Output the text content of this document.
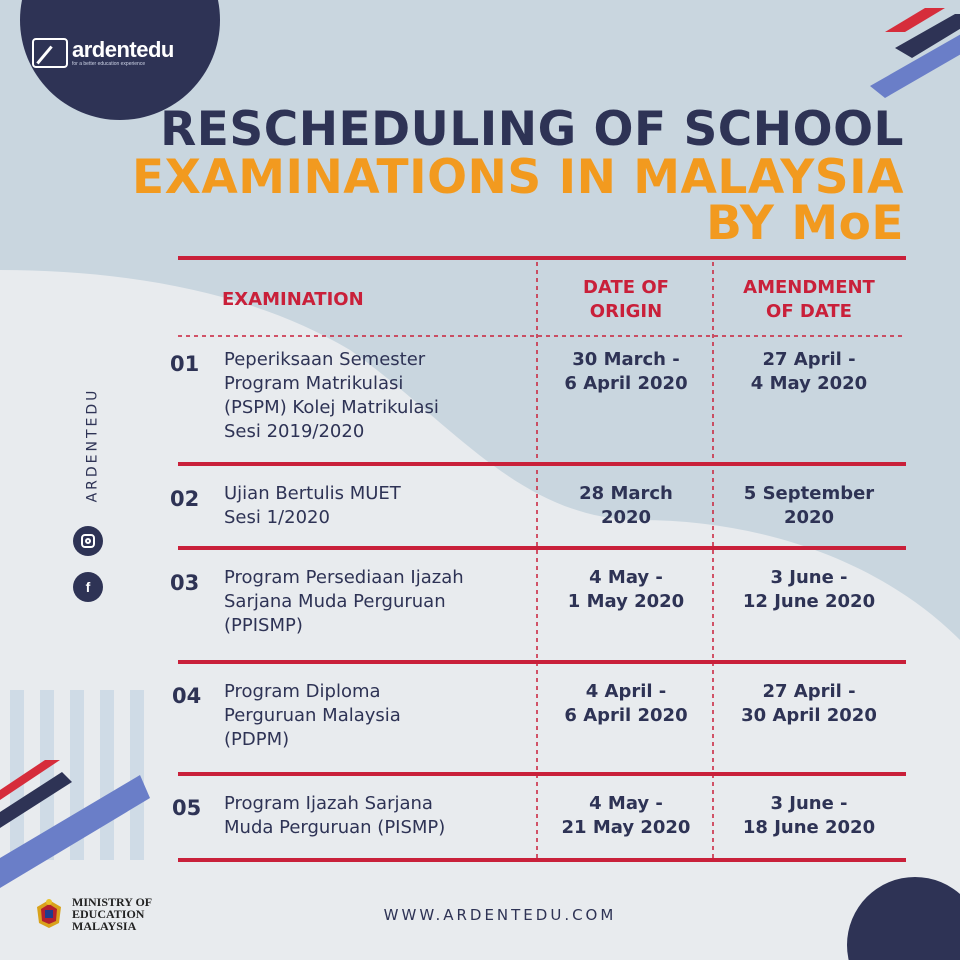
ardentedu
for a better education experience
RESCHEDULING OF SCHOOL
EXAMINATIONS IN MALAYSIA
BY MoE
EXAMINATION
DATE OF
ORIGIN
AMENDMENT
OF DATE
01 Peperiksaan Semester
Program Matrikulasi
(PSPM) Kolej Matrikulasi
Sesi 2019/2020
30 March -
6 April 2020
27 April -
4 May 2020
02 Ujian Bertulis MUET
Sesi 1/2020
28 March
2020
5 September
2020
03 Program Persediaan Ijazah
Sarjana Muda Perguruan
(PPISMP)
4 May -
1 May 2020
3 June -
12 June 2020
04 Program Diploma
Perguruan Malaysia
(PDPM)
4 April -
6 April 2020
27 April -
30 April 2020
05 Program Ijazah Sarjana
Muda Perguruan (PISMP)
4 May -
21 May 2020
3 June -
18 June 2020
ARDENTEDU
f
WWW.ARDENTEDU.COM
MINISTRY OF
EDUCATION
MALAYSIA
